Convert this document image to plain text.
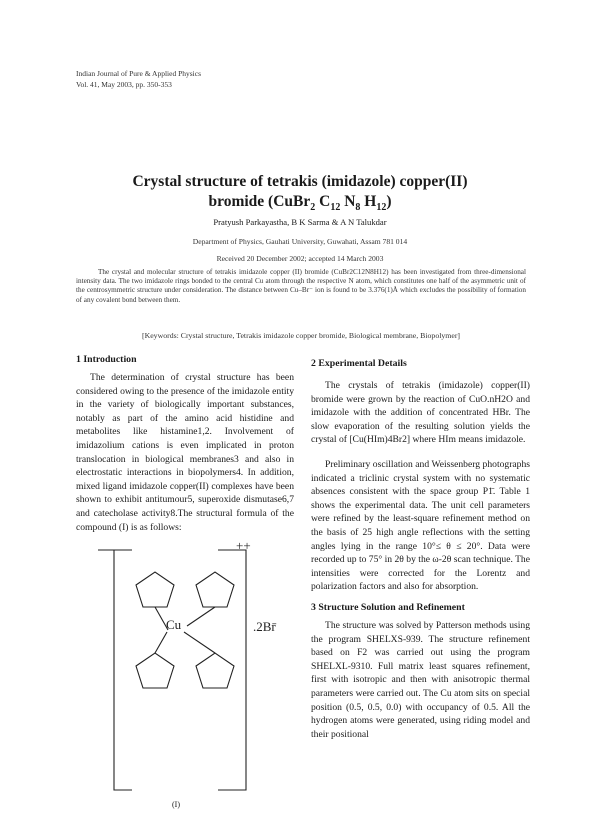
Indian Journal of Pure & Applied Physics
Vol. 41, May 2003, pp. 350-353
Crystal structure of tetrakis (imidazole) copper(II)
bromide (CuBr$_2$ $C_{12}$ $N_8$ $H_{12}$)
Pratyush Parkayastha, B K Sarma & A N Talukdar
Department of Physics, Gauhati University, Guwahati, Assam 781 014
Received 20 December 2002; accepted 14 March 2003
The crystal and molecular structure of tetrakis imidazole copper (II) bromide (CuBr2C12N8H12) has been investigated from three-dimensional intensity data. The two imidazole rings bonded to the central Cu atom through the respective N atom, which constitutes one half of the asymmetric unit of the centrosymmetric structure under consideration. The distance between Cu–Br⁻ ion is found to be 3.376(1)Å which excludes the possibility of formation of any covalent bond between them.
[Keywords: Crystal structure, Tetrakis imidazole copper bromide, Biological membrane, Biopolymer]
1 Introduction

The determination of crystal structure has been considered owing to the presence of the imidazole entity in the variety of biologically important substances, notably as part of the amino acid histidine and metabolites like histamine1,2. Involvement of imidazolium cations is even implicated in proton translocation in biological membranes3 and also in electrostatic interactions in biopolymers4. In addition, mixed ligand imidazole copper(II) complexes have been shown to exhibit antitumour5, superoxide dismutase6,7 and catecholase activity8.The structural formula of the compound (I) is as follows:

Cu
++
.2Br̄
(I)
2 Experimental Details

The crystals of tetrakis (imidazole) copper(II) bromide were grown by the reaction of CuO.nH2O and imidazole with the addition of concentrated HBr. The slow evaporation of the resulting solution yields the crystal of [Cu(HIm)4Br2] where HIm means imidazole.

Preliminary oscillation and Weissenberg photographs indicated a triclinic crystal system with no systematic absences consistent with the space group P1̄. Table 1 shows the experimental data. The unit cell parameters were refined by the least-square refinement method on the basis of 25 high angle reflections with the setting angles lying in the range 10°≤ θ ≤ 20°. Data were recorded up to 75° in 2θ by the ω-2θ scan technique. The intensities were corrected for the Lorentz and polarization factors and also for absorption.

3 Structure Solution and Refinement

The structure was solved by Patterson methods using the program SHELXS-939. The structure refinement based on F2 was carried out using the program SHELXL-9310. Full matrix least squares refinement, first with isotropic and then with anisotropic thermal parameters were carried out. The Cu atom sits on special position (0.5, 0.5, 0.0) with occupancy of 0.5. All the hydrogen atoms were generated, using riding model and their positional
